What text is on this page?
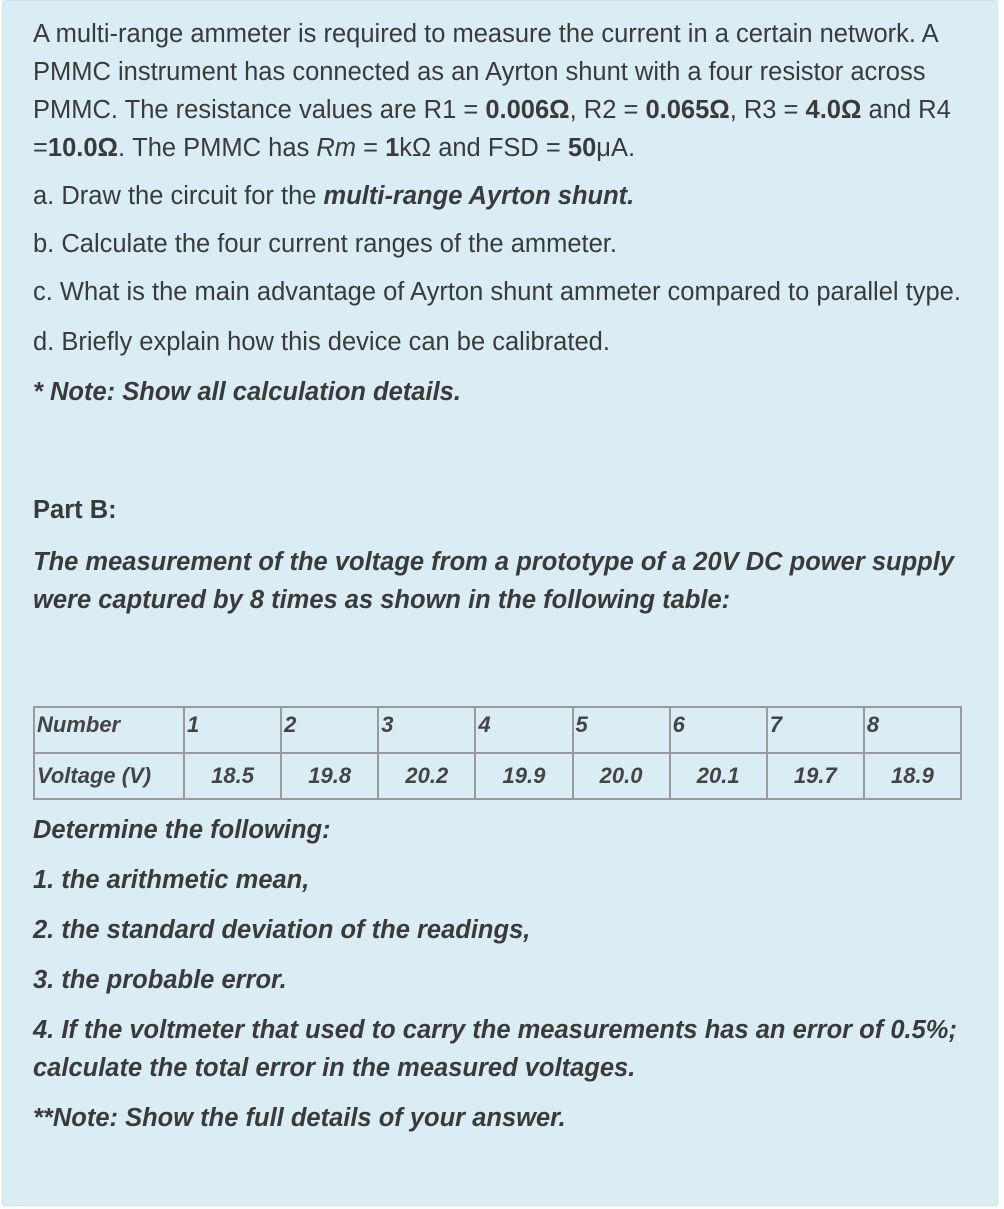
A multi-range ammeter is required to measure the current in a certain network. A PMMC instrument has connected as an Ayrton shunt with a four resistor across PMMC. The resistance values are R1 = 0.006Ω, R2 = 0.065Ω, R3 = 4.0Ω and R4 =10.0Ω. The PMMC has Rm = 1kΩ and FSD = 50μA.

a. Draw the circuit for the multi-range Ayrton shunt.

b. Calculate the four current ranges of the ammeter.

c. What is the main advantage of Ayrton shunt ammeter compared to parallel type.

d. Briefly explain how this device can be calibrated.

* Note: Show all calculation details.

Part B:

The measurement of the voltage from a prototype of a 20V DC power supply were captured by 8 times as shown in the following table:

Number	1	2	3	4	5	6	7	8
Voltage (V)	18.5	19.8	20.2	19.9	20.0	20.1	19.7	18.9

Determine the following:

1. the arithmetic mean,

2. the standard deviation of the readings,

3. the probable error.

4. If the voltmeter that used to carry the measurements has an error of 0.5%; calculate the total error in the measured voltages.

**Note: Show the full details of your answer.
